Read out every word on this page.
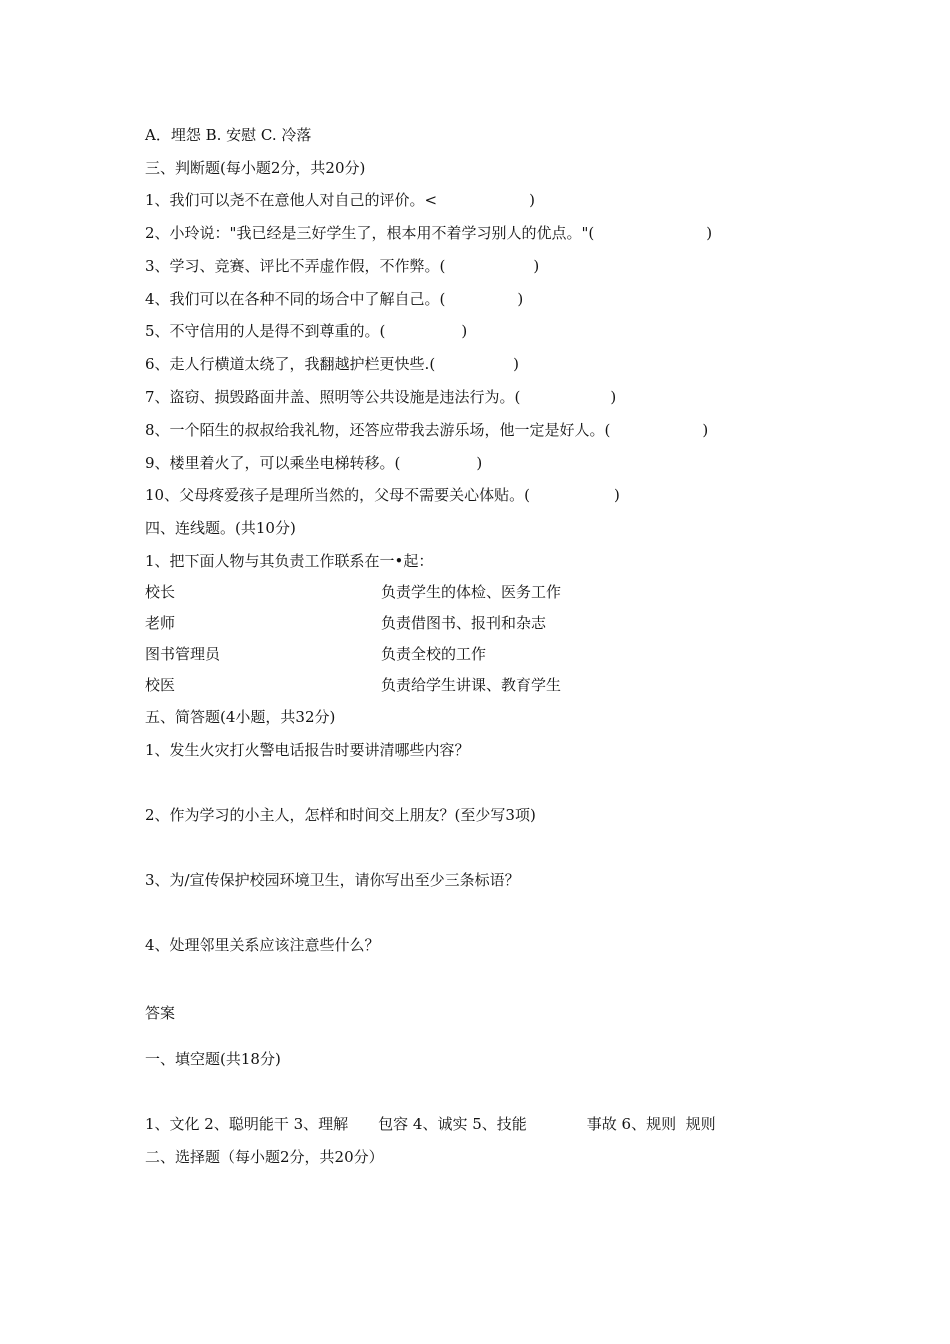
A．埋怨 B. 安慰 C. 冷落
三、判断题(每小题2分，共20分)
1、我们可以尧不在意他人对自己的评价。<	)
2、小玲说："我已经是三好学生了，根本用不着学习别人的优点。"(	)
3、学习、竞赛、评比不弄虚作假，不作弊。(	)
4、我们可以在各种不同的场合中了解自己。(	)
5、不守信用的人是得不到尊重的。(	)
6、走人行横道太绕了，我翻越护栏更快些.(	)
7、盗窃、损毁路面井盖、照明等公共设施是违法行为。(	)
8、一个陌生的叔叔给我礼物，还答应带我去游乐场，他一定是好人。(	)
9、楼里着火了，可以乘坐电梯转移。(	)
10、父母疼爱孩子是理所当然的，父母不需要关心体贴。(	)
四、连线题。(共10分)
1、把下面人物与其负责工作联系在一•起：
校长	负责学生的体检、医务工作
老师	负责借图书、报刊和杂志
图书管理员	负责全校的工作
校医	负责给学生讲课、教育学生
五、简答题(4小题，共32分)
1、发生火灾打火警电话报告时要讲清哪些内容？
2、作为学习的小主人，怎样和时间交上朋友？(至少写3项)
3、为/宣传保护校园环境卫生，请你写出至少三条标语？
4、处理邻里关系应该注意些什么？
答案
一、填空题(共18分)
1、文化 2、聪明能干 3、理解　　包容 4、诚实 5、技能　　　　事故 6、规则  规则
二、选择题（每小题2分，共20分）
